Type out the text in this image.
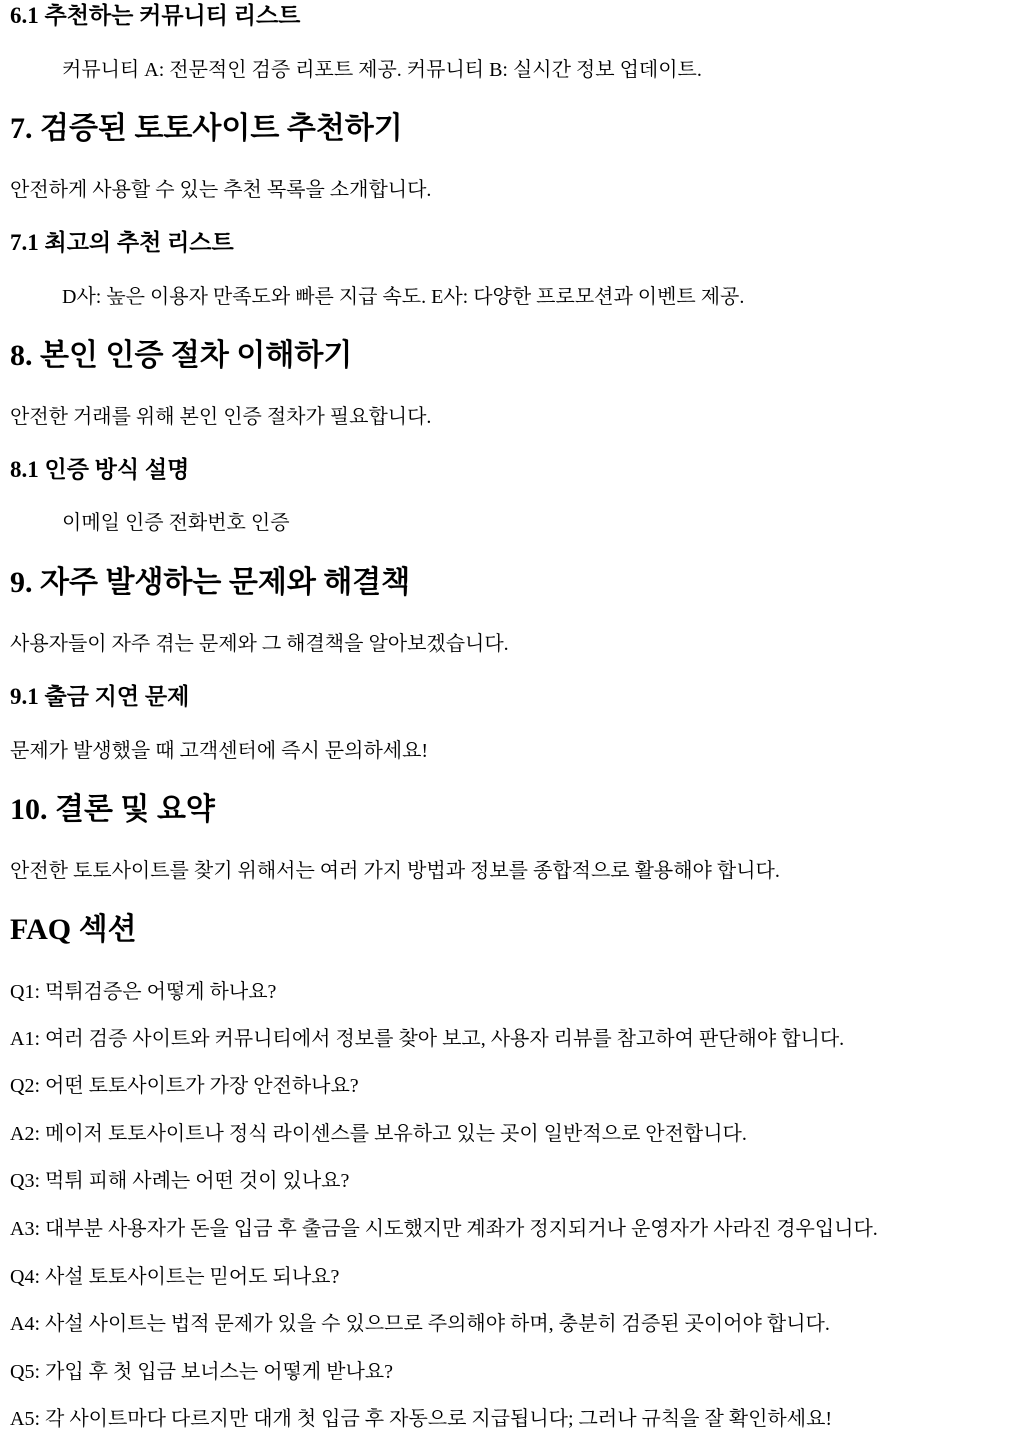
6.1 추천하는 커뮤니티 리스트

커뮤니티 A: 전문적인 검증 리포트 제공. 커뮤니티 B: 실시간 정보 업데이트.

7. 검증된 토토사이트 추천하기

안전하게 사용할 수 있는 추천 목록을 소개합니다.

7.1 최고의 추천 리스트

D사: 높은 이용자 만족도와 빠른 지급 속도. E사: 다양한 프로모션과 이벤트 제공.

8. 본인 인증 절차 이해하기

안전한 거래를 위해 본인 인증 절차가 필요합니다.

8.1 인증 방식 설명

이메일 인증 전화번호 인증

9. 자주 발생하는 문제와 해결책

사용자들이 자주 겪는 문제와 그 해결책을 알아보겠습니다.

9.1 출금 지연 문제

문제가 발생했을 때 고객센터에 즉시 문의하세요!

10. 결론 및 요약

안전한 토토사이트를 찾기 위해서는 여러 가지 방법과 정보를 종합적으로 활용해야 합니다.

FAQ 섹션

Q1: 먹튀검증은 어떻게 하나요?

A1: 여러 검증 사이트와 커뮤니티에서 정보를 찾아 보고, 사용자 리뷰를 참고하여 판단해야 합니다.

Q2: 어떤 토토사이트가 가장 안전하나요?

A2: 메이저 토토사이트나 정식 라이센스를 보유하고 있는 곳이 일반적으로 안전합니다.

Q3: 먹튀 피해 사례는 어떤 것이 있나요?

A3: 대부분 사용자가 돈을 입금 후 출금을 시도했지만 계좌가 정지되거나 운영자가 사라진 경우입니다.

Q4: 사설 토토사이트는 믿어도 되나요?

A4: 사설 사이트는 법적 문제가 있을 수 있으므로 주의해야 하며, 충분히 검증된 곳이어야 합니다.

Q5: 가입 후 첫 입금 보너스는 어떻게 받나요?

A5: 각 사이트마다 다르지만 대개 첫 입금 후 자동으로 지급됩니다; 그러나 규칙을 잘 확인하세요!
